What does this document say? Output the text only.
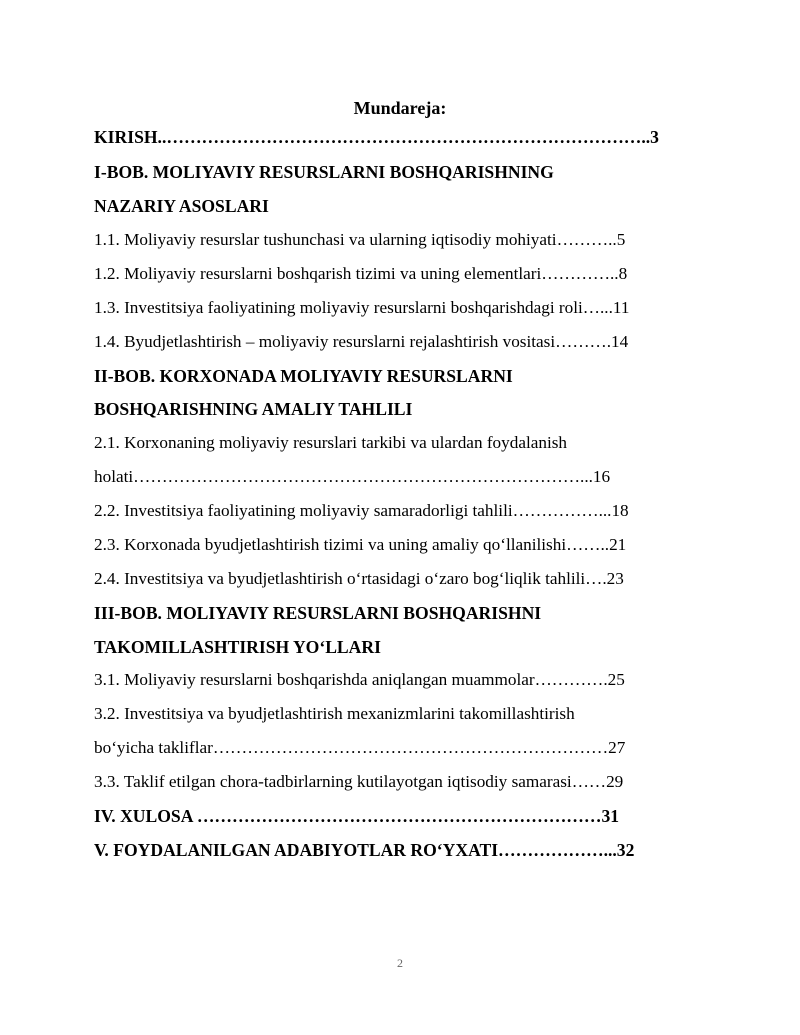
Mundareja:
KIRISH..………………………………………………………………………..3
I-BOB. MOLIYAVIY RESURSLARNI BOSHQARISHNING
NAZARIY ASOSLARI
1.1. Moliyaviy resurslar tushunchasi va ularning iqtisodiy mohiyati………..5
1.2. Moliyaviy resurslarni boshqarish tizimi va uning elementlari…………..8
1.3. Investitsiya faoliyatining moliyaviy resurslarni boshqarishdagi roli…...11
1.4. Byudjetlashtirish – moliyaviy resurslarni rejalashtirish vositasi……….14
II-BOB. KORXONADA MOLIYAVIY RESURSLARNI
BOSHQARISHNING AMALIY TAHLILI
2.1. Korxonaning moliyaviy resurslari tarkibi va ulardan foydalanish
holati……………………………………………………………………...16
2.2. Investitsiya faoliyatining moliyaviy samaradorligi tahlili……………...18
2.3. Korxonada byudjetlashtirish tizimi va uning amaliy qo‘llanilishi……..21
2.4. Investitsiya va byudjetlashtirish o‘rtasidagi o‘zaro bog‘liqlik tahlili….23
III-BOB. MOLIYAVIY RESURSLARNI BOSHQARISHNI
TAKOMILLASHTIRISH YO‘LLARI
3.1. Moliyaviy resurslarni boshqarishda aniqlangan muammolar………….25
3.2. Investitsiya va byudjetlashtirish mexanizmlarini takomillashtirish
bo‘yicha takliflar……………………………………………………………27
3.3. Taklif etilgan chora-tadbirlarning kutilayotgan iqtisodiy samarasi……29
IV. XULOSA ……………………………………………………………31
V. FOYDALANILGAN ADABIYOTLAR RO‘YXATI………………...32
2
